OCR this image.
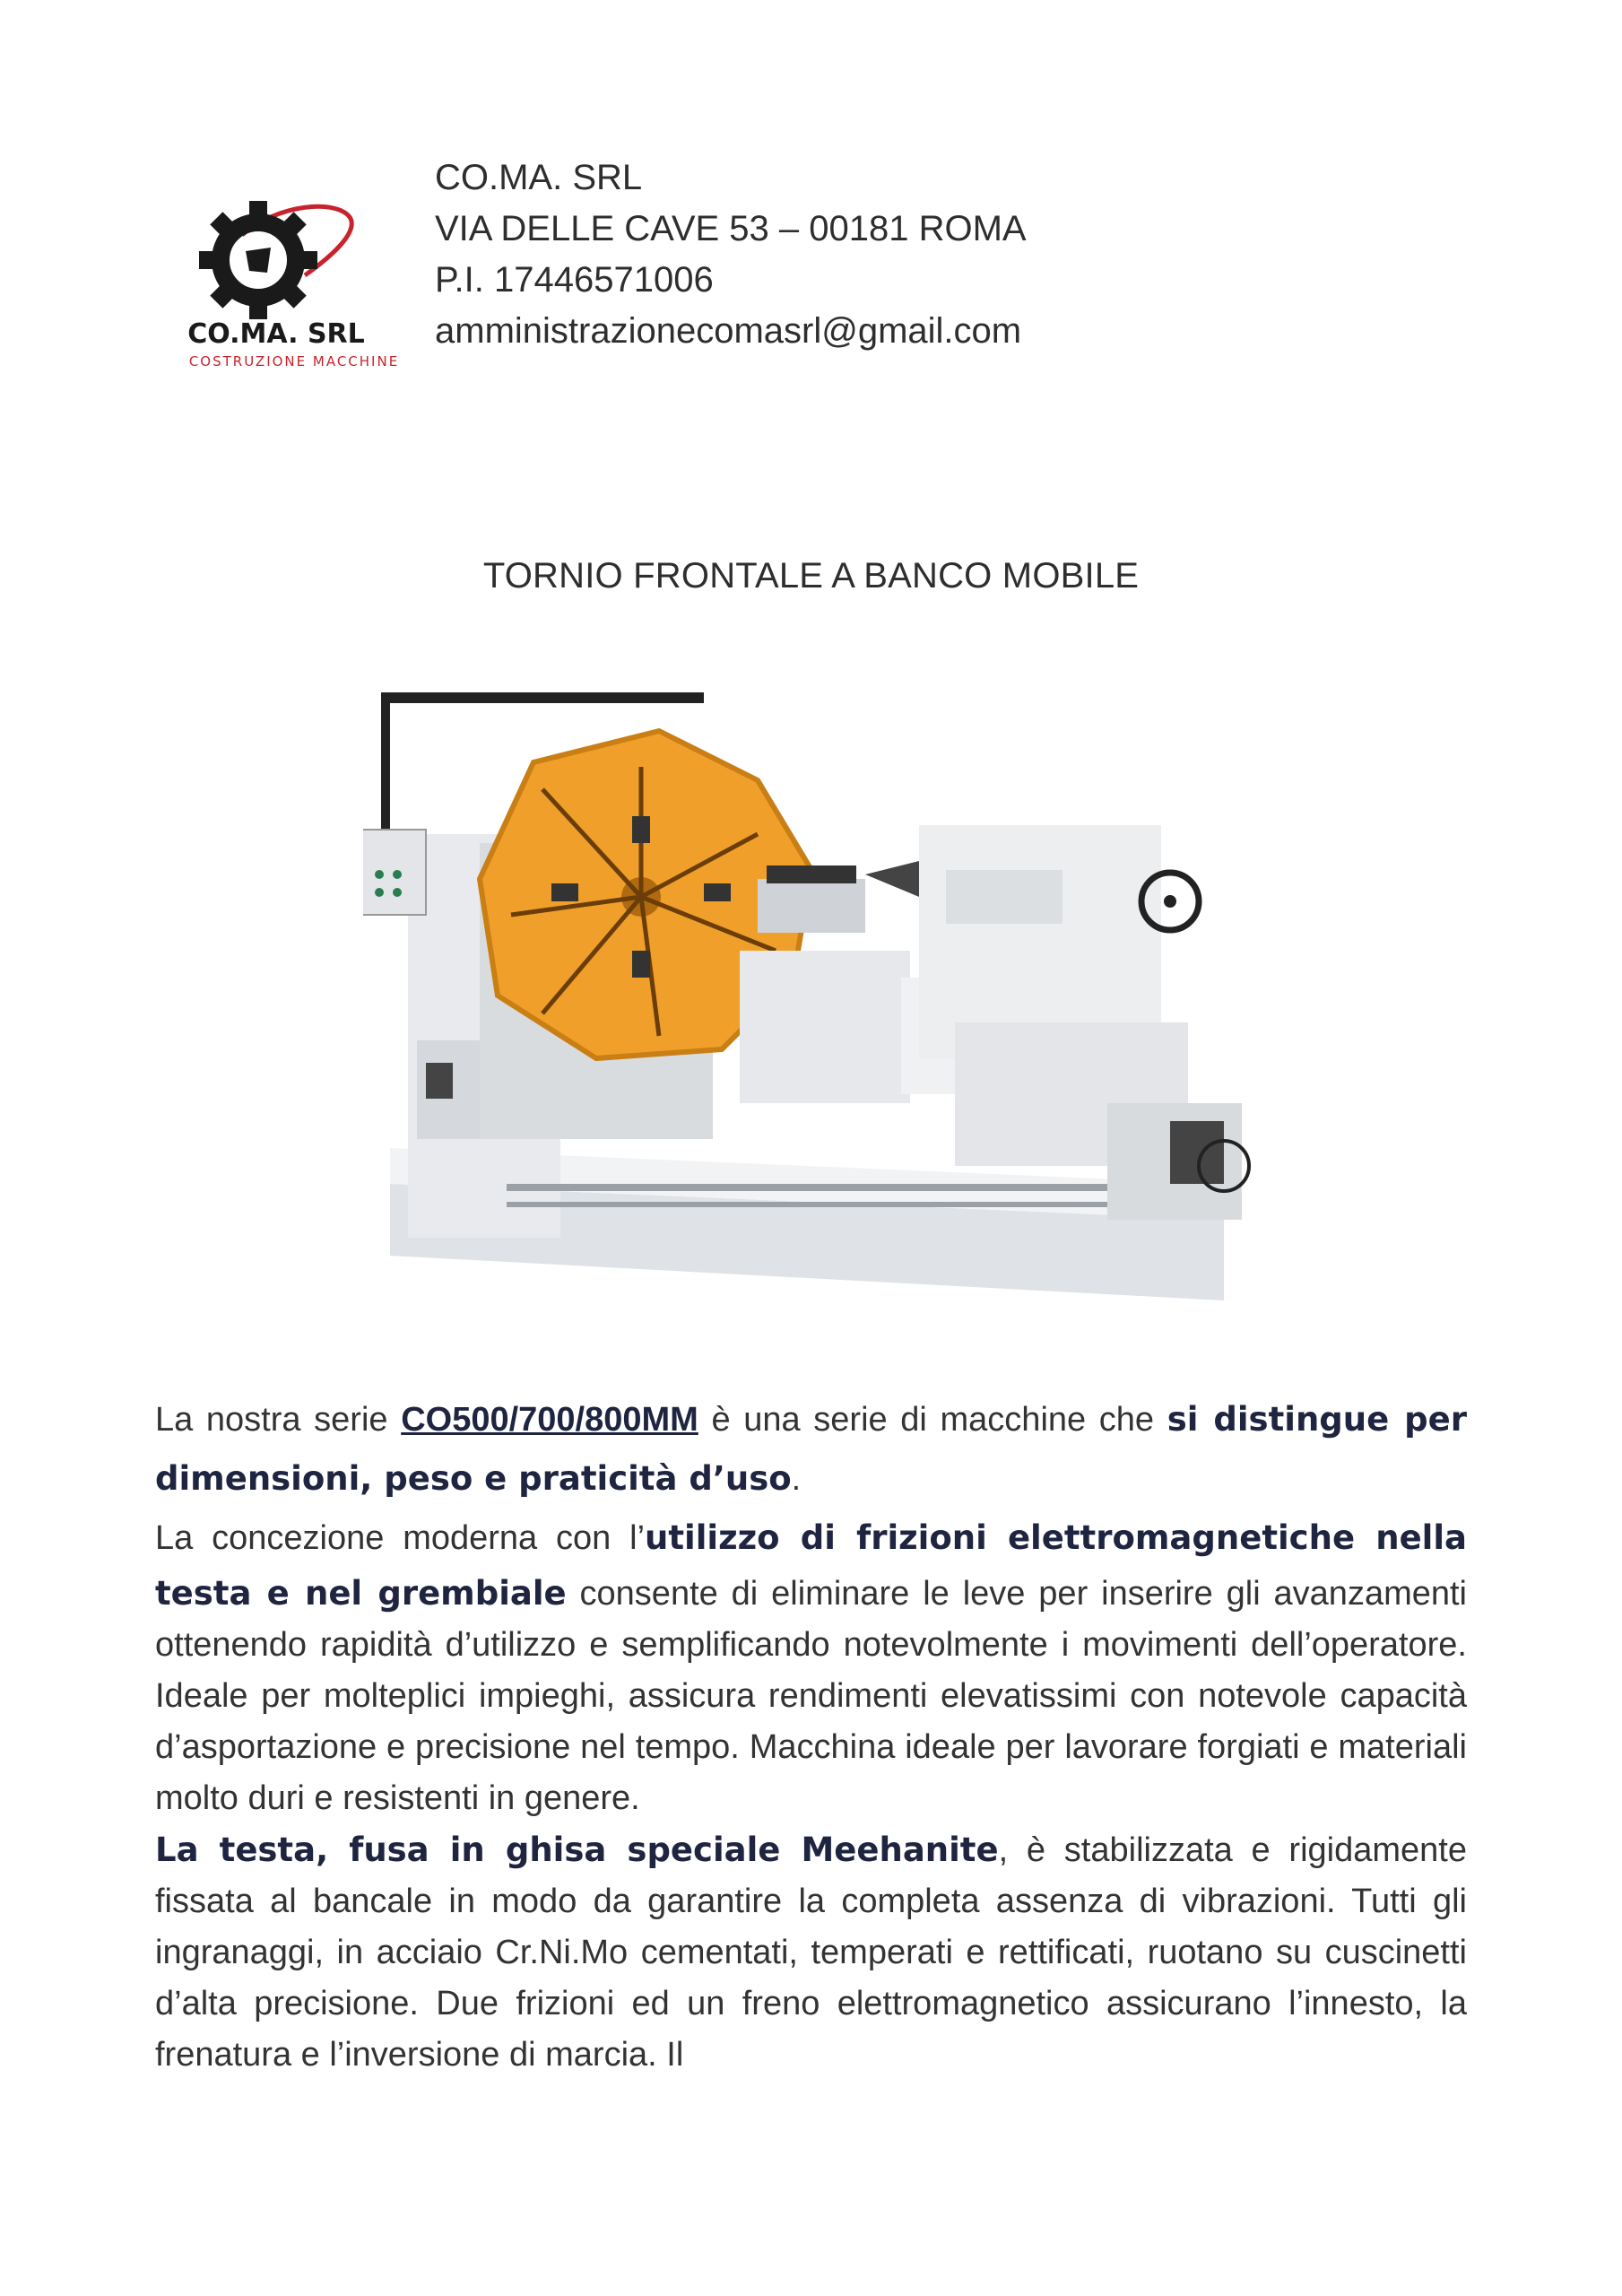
CO.MA. SRL
COSTRUZIONE MACCHINE
CO.MA. SRL
VIA DELLE CAVE 53 – 00181 ROMA
P.I. 17446571006
amministrazionecomasrl@gmail.com
TORNIO FRONTALE A BANCO MOBILE

La nostra serie CO500/700/800MM è una serie di macchine che si distingue per dimensioni, peso e praticità d’uso.

La concezione moderna con l’utilizzo di frizioni elettromagnetiche nella testa e nel grembiale consente di eliminare le leve per inserire gli avanzamenti ottenendo rapidità d’utilizzo e semplificando notevolmente i movimenti dell’operatore. Ideale per molteplici impieghi, assicura rendimenti elevatissimi con notevole capacità d’asportazione e precisione nel tempo. Macchina ideale per lavorare forgiati e materiali molto duri e resistenti in genere.

La testa, fusa in ghisa speciale Meehanite, è stabilizzata e rigidamente fissata al bancale in modo da garantire la completa assenza di vibrazioni. Tutti gli ingranaggi, in acciaio Cr.Ni.Mo cementati, temperati e rettificati, ruotano su cuscinetti d’alta precisione. Due frizioni ed un freno elettromagnetico assicurano l’innesto, la frenatura e l’inversione di marcia. Il
